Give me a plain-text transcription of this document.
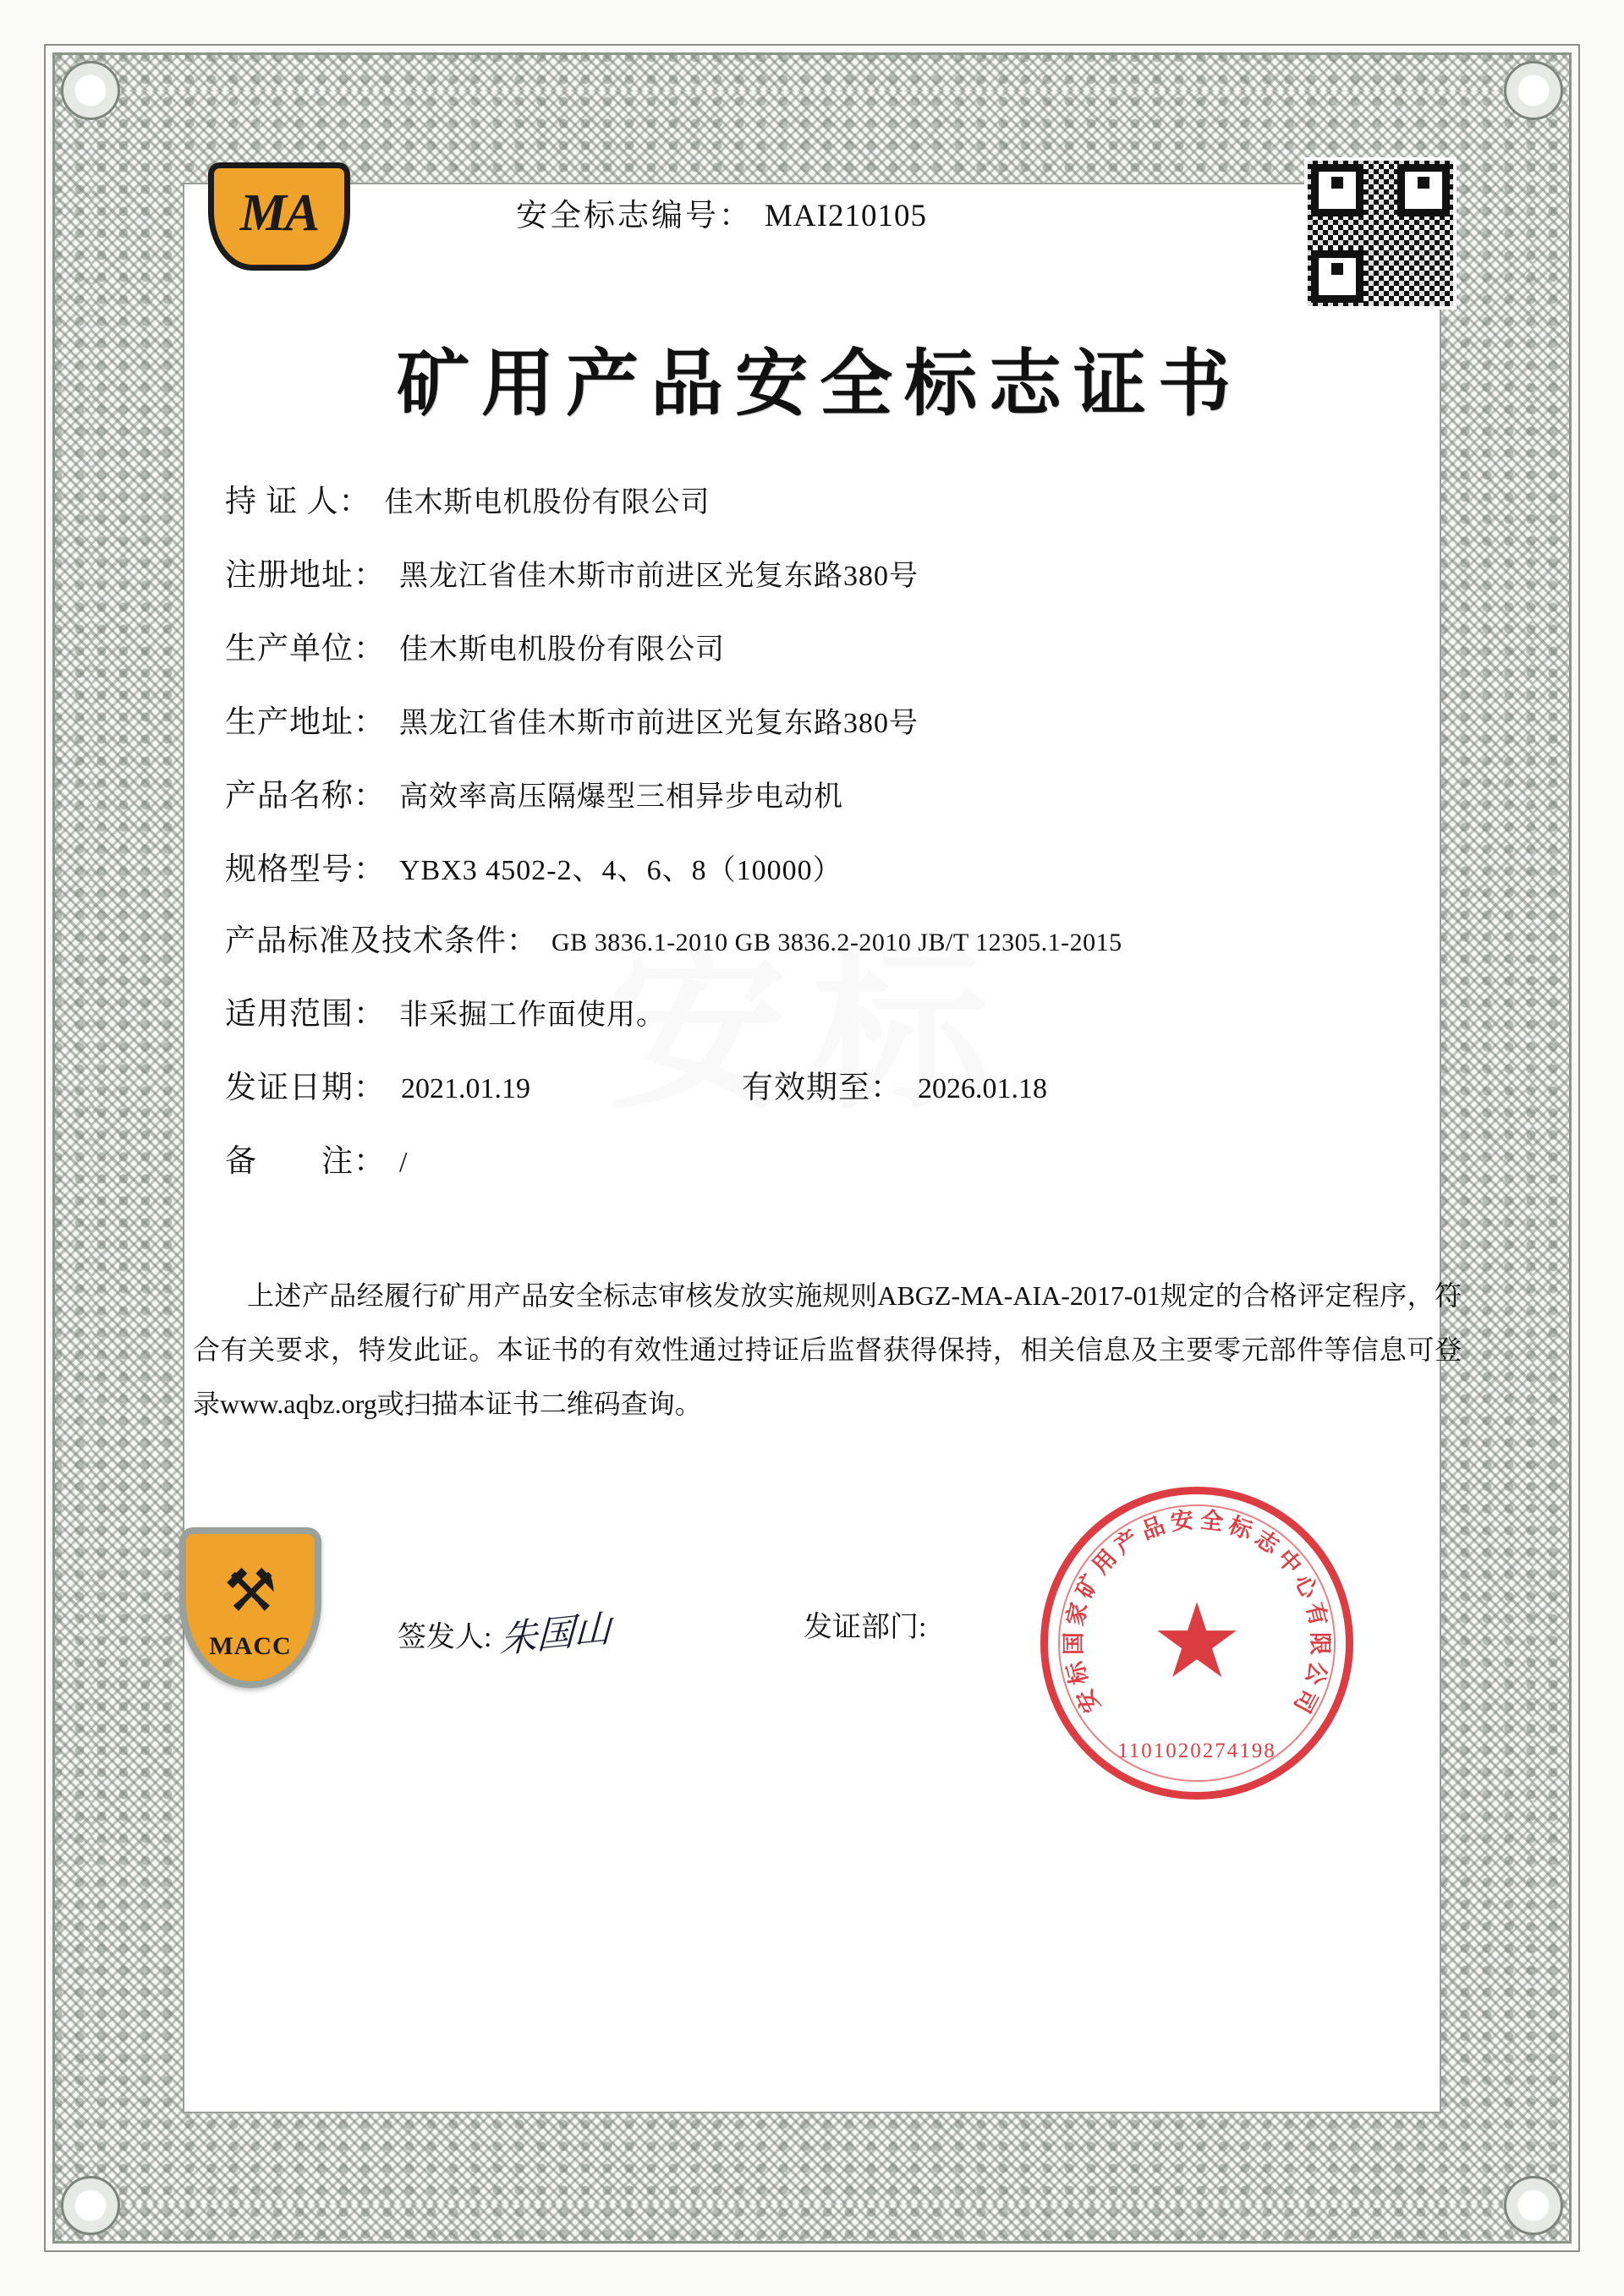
MA	安全标志编号： MAI210105
矿用产品安全标志证书
持 证 人： 佳木斯电机股份有限公司
注册地址： 黑龙江省佳木斯市前进区光复东路380号
生产单位： 佳木斯电机股份有限公司
生产地址： 黑龙江省佳木斯市前进区光复东路380号
产品名称： 高效率高压隔爆型三相异步电动机
规格型号： YBX3 4502-2、4、6、8（10000）
产品标准及技术条件： GB 3836.1-2010 GB 3836.2-2010 JB/T 12305.1-2015
适用范围： 非采掘工作面使用。
发证日期： 2021.01.19	有效期至： 2026.01.18
备　　注： /
上述产品经履行矿用产品安全标志审核发放实施规则ABGZ-MA-AIA-2017-01规定的合格评定程序，符合有关要求，特发此证。本证书的有效性通过持证后监督获得保持，相关信息及主要零元部件等信息可登录www.aqbz.org或扫描本证书二维码查询。
⚒
MACC	签发人: 朱国山	发证部门:
安
标
国
家
矿
用
产
品 安 全 标
志
中
心
有
限
公
司
★
1101020274198
